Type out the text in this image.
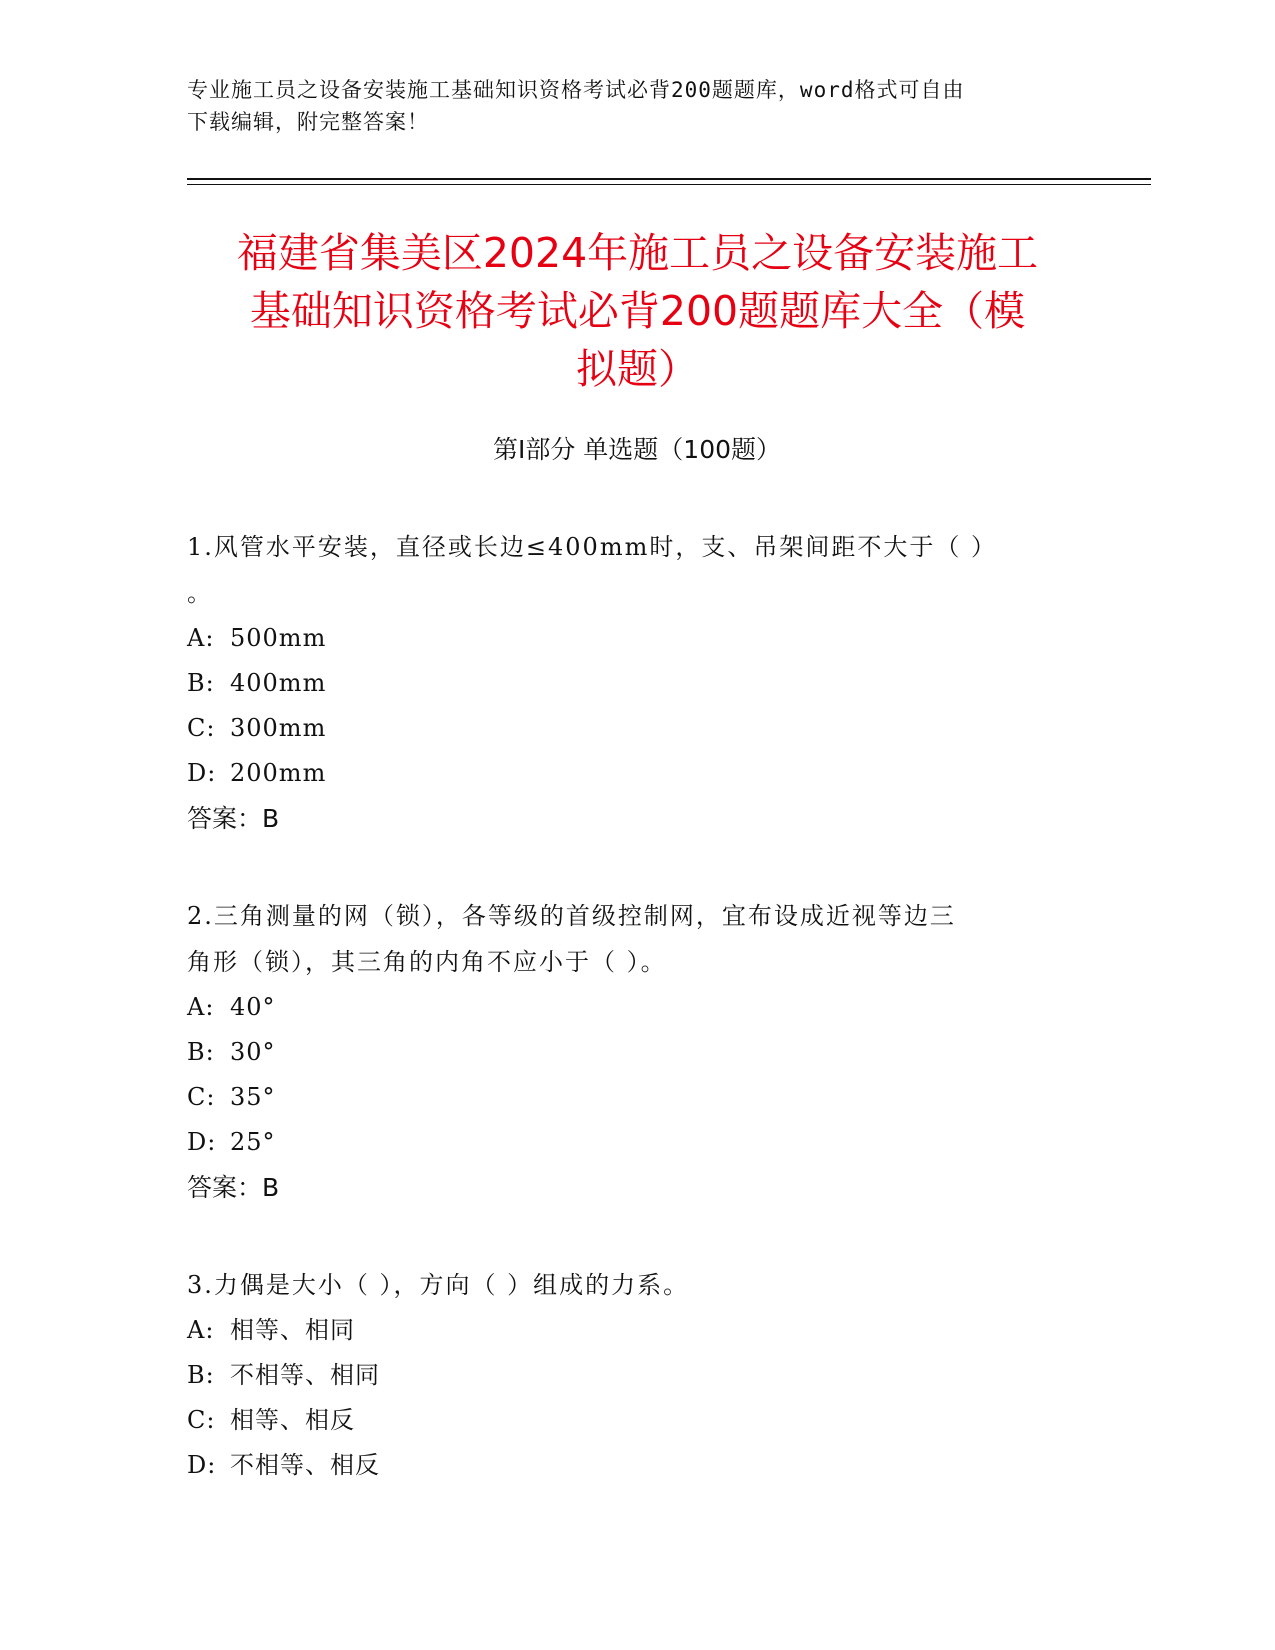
专业施工员之设备安装施工基础知识资格考试必背200题题库，word格式可自由
下载编辑，附完整答案！
福建省集美区2024年施工员之设备安装施工
基础知识资格考试必背200题题库大全（模
拟题）
第I部分 单选题（100题）
1.风管水平安装，直径或长边≤400mm时，支、吊架间距不大于（ ）
。
A: 500mm
B: 400mm
C: 300mm
D: 200mm
答案：B
2.三角测量的网（锁），各等级的首级控制网，宜布设成近视等边三
角形（锁），其三角的内角不应小于（ ）。
A: 40°
B: 30°
C: 35°
D: 25°
答案：B
3.力偶是大小（ ），方向（ ）组成的力系。
A: 相等、相同
B: 不相等、相同
C: 相等、相反
D: 不相等、相反
